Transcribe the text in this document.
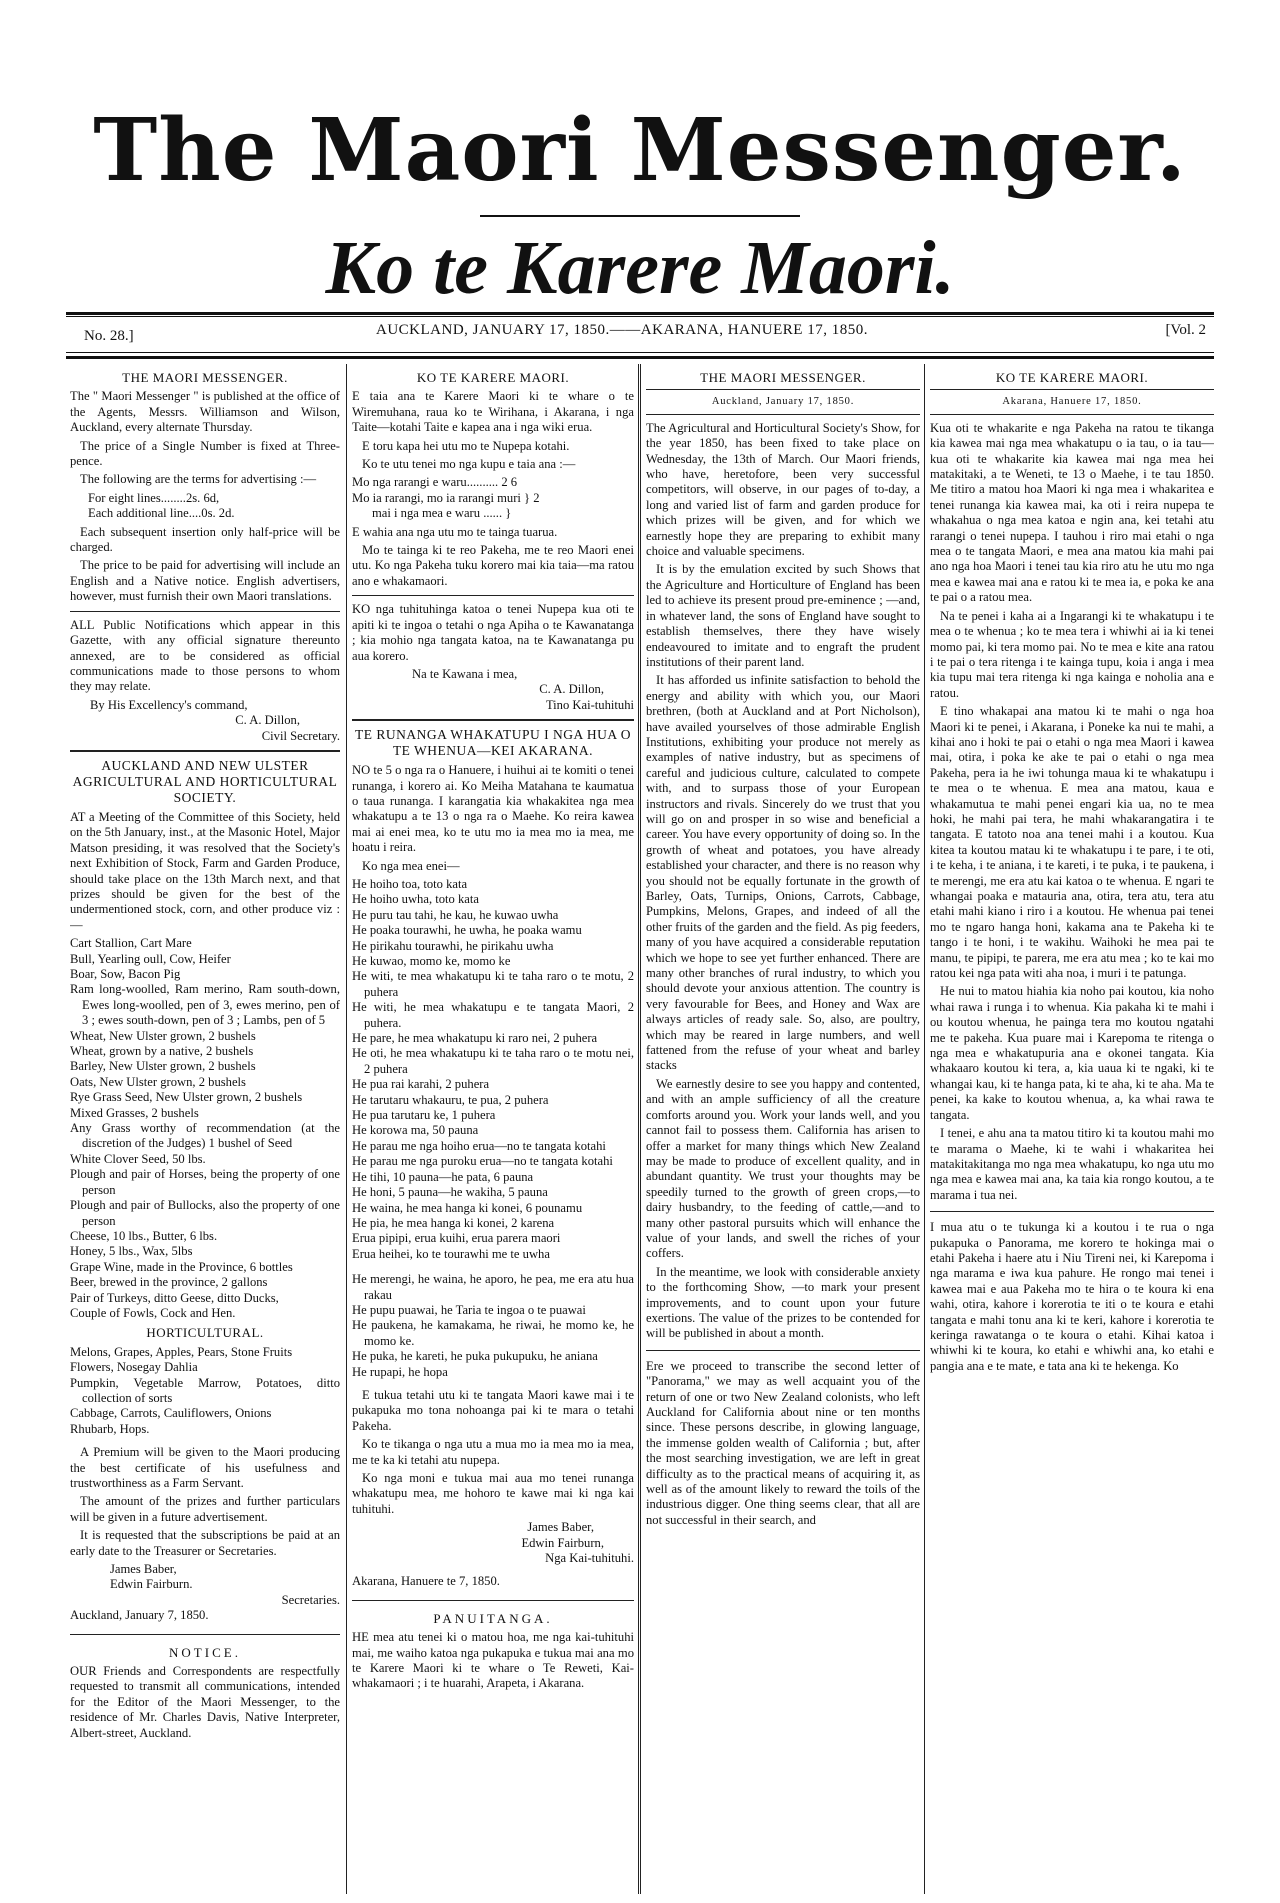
The Maori Messenger.
Ko te Karere Maori.
No. 28.]	AUCKLAND, JANUARY 17, 1850.——AKARANA, HANUERE 17, 1850.	[Vol. 2
THE MAORI MESSENGER.

The " Maori Messenger " is published at the office of the Agents, Messrs. Williamson and Wilson, Auckland, every alternate Thursday.

The price of a Single Number is fixed at Three-pence.

The following are the terms for advertising :—

For eight lines........2s. 6d,

Each additional line....0s. 2d.

Each subsequent insertion only half-price will be charged.

The price to be paid for advertising will include an English and a Native notice. English advertisers, however, must furnish their own Maori translations.

ALL Public Notifications which appear in this Gazette, with any official signature thereunto annexed, are to be considered as official communications made to those persons to whom they may relate.

By His Excellency's command,

C. A. Dillon,

Civil Secretary.

AUCKLAND AND NEW ULSTER AGRICULTURAL AND HORTICULTURAL SOCIETY.

AT a Meeting of the Committee of this Society, held on the 5th January, inst., at the Masonic Hotel, Major Matson presiding, it was resolved that the Society's next Exhibition of Stock, Farm and Garden Produce, should take place on the 13th March next, and that prizes should be given for the best of the undermentioned stock, corn, and other produce viz :—

Cart Stallion, Cart Mare
Bull, Yearling oull, Cow, Heifer
Boar, Sow, Bacon Pig
Ram long-woolled, Ram merino, Ram south-down, Ewes long-woolled, pen of 3, ewes merino, pen of 3 ; ewes south-down, pen of 3 ; Lambs, pen of 5
Wheat, New Ulster grown, 2 bushels
Wheat, grown by a native, 2 bushels
Barley, New Ulster grown, 2 bushels
Oats, New Ulster grown, 2 bushels
Rye Grass Seed, New Ulster grown, 2 bushels
Mixed Grasses, 2 bushels
Any Grass worthy of recommendation (at the discretion of the Judges) 1 bushel of Seed
White Clover Seed, 50 lbs.
Plough and pair of Horses, being the property of one person
Plough and pair of Bullocks, also the property of one person
Cheese, 10 lbs., Butter, 6 lbs.
Honey, 5 lbs., Wax, 5lbs
Grape Wine, made in the Province, 6 bottles
Beer, brewed in the province, 2 gallons
Pair of Turkeys, ditto Geese, ditto Ducks,
Couple of Fowls, Cock and Hen.
HORTICULTURAL.
Melons, Grapes, Apples, Pears, Stone Fruits
Flowers, Nosegay Dahlia
Pumpkin, Vegetable Marrow, Potatoes, ditto collection of sorts
Cabbage, Carrots, Cauliflowers, Onions
Rhubarb, Hops.

A Premium will be given to the Maori producing the best certificate of his usefulness and trustworthiness as a Farm Servant.

The amount of the prizes and further particulars will be given in a future advertisement.

It is requested that the subscriptions be paid at an early date to the Treasurer or Secretaries.

James Baber,

Edwin Fairburn.

Secretaries.

Auckland, January 7, 1850.

NOTICE.

OUR Friends and Correspondents are respectfully requested to transmit all communications, intended for the Editor of the Maori Messenger, to the residence of Mr. Charles Davis, Native Interpreter, Albert-street, Auckland.

KO TE KARERE MAORI.

E taia ana te Karere Maori ki te whare o te Wiremuhana, raua ko te Wirihana, i Akarana, i nga Taite—kotahi Taite e kapea ana i nga wiki erua.

E toru kapa hei utu mo te Nupepa kotahi.

Ko te utu tenei mo nga kupu e taia ana :—

Mo nga rarangi e waru.......... 2 6

Mo ia rarangi, mo ia rarangi muri } 2

mai i nga mea e waru ...... }

E wahia ana nga utu mo te tainga tuarua.

Mo te tainga ki te reo Pakeha, me te reo Maori enei utu. Ko nga Pakeha tuku korero mai kia taia—ma ratou ano e whakamaori.

KO nga tuhituhinga katoa o tenei Nupepa kua oti te apiti ki te ingoa o tetahi o nga Apiha o te Kawanatanga ; kia mohio nga tangata katoa, na te Kawanatanga pu aua korero.

Na te Kawana i mea,

C. A. Dillon,

Tino Kai-tuhituhi

TE RUNANGA WHAKATUPU I NGA HUA O TE WHENUA—KEI AKARANA.

NO te 5 o nga ra o Hanuere, i huihui ai te komiti o tenei runanga, i korero ai. Ko Meiha Matahana te kaumatua o taua runanga. I karangatia kia whakakitea nga mea whakatupu a te 13 o nga ra o Maehe. Ko reira kawea mai ai enei mea, ko te utu mo ia mea mo ia mea, me hoatu i reira.

Ko nga mea enei—

He hoiho toa, toto kata
He hoiho uwha, toto kata
He puru tau tahi, he kau, he kuwao uwha
He poaka tourawhi, he uwha, he poaka wamu
He pirikahu tourawhi, he pirikahu uwha
He kuwao, momo ke, momo ke
He witi, te mea whakatupu ki te taha raro o te motu, 2 puhera
He witi, he mea whakatupu e te tangata Maori, 2 puhera.
He pare, he mea whakatupu ki raro nei, 2 puhera
He oti, he mea whakatupu ki te taha raro o te motu nei, 2 puhera
He pua rai karahi, 2 puhera
He tarutaru whakauru, te pua, 2 puhera
He pua tarutaru ke, 1 puhera
He korowa ma, 50 pauna
He parau me nga hoiho erua—no te tangata kotahi
He parau me nga puroku erua—no te tangata kotahi
He tihi, 10 pauna—he pata, 6 pauna
He honi, 5 pauna—he wakiha, 5 pauna
He waina, he mea hanga ki konei, 6 pounamu
He pia, he mea hanga ki konei, 2 karena
Erua pipipi, erua kuihi, erua parera maori
Erua heihei, ko te tourawhi me te uwha
He merengi, he waina, he aporo, he pea, me era atu hua rakau
He pupu puawai, he Taria te ingoa o te puawai
He paukena, he kamakama, he riwai, he momo ke, he momo ke.
He puka, he kareti, he puka pukupuku, he aniana
He rupapi, he hopa

E tukua tetahi utu ki te tangata Maori kawe mai i te pukapuka mo tona nohoanga pai ki te mara o tetahi Pakeha.

Ko te tikanga o nga utu a mua mo ia mea mo ia mea, me te ka ki tetahi atu nupepa.

Ko nga moni e tukua mai aua mo tenei runanga whakatupu mea, me hohoro te kawe mai ki nga kai tuhituhi.

James Baber,

Edwin Fairburn,

Nga Kai-tuhituhi.

Akarana, Hanuere te 7, 1850.

PANUITANGA.

HE mea atu tenei ki o matou hoa, me nga kai-tuhituhi mai, me waiho katoa nga pukapuka e tukua mai ana mo te Karere Maori ki te whare o Te Reweti, Kai-whakamaori ; i te huarahi, Arapeta, i Akarana.

THE MAORI MESSENGER.
Auckland, January 17, 1850.

The Agricultural and Horticultural Society's Show, for the year 1850, has been fixed to take place on Wednesday, the 13th of March. Our Maori friends, who have, heretofore, been very successful competitors, will observe, in our pages of to-day, a long and varied list of farm and garden produce for which prizes will be given, and for which we earnestly hope they are preparing to exhibit many choice and valuable specimens.

It is by the emulation excited by such Shows that the Agriculture and Horticulture of England has been led to achieve its present proud pre-eminence ; —and, in whatever land, the sons of England have sought to establish themselves, there they have wisely endeavoured to imitate and to engraft the prudent institutions of their parent land.

It has afforded us infinite satisfaction to behold the energy and ability with which you, our Maori brethren, (both at Auckland and at Port Nicholson), have availed yourselves of those admirable English Institutions, exhibiting your produce not merely as examples of native industry, but as specimens of careful and judicious culture, calculated to compete with, and to surpass those of your European instructors and rivals. Sincerely do we trust that you will go on and prosper in so wise and beneficial a career. You have every opportunity of doing so. In the growth of wheat and potatoes, you have already established your character, and there is no reason why you should not be equally fortunate in the growth of Barley, Oats, Turnips, Onions, Carrots, Cabbage, Pumpkins, Melons, Grapes, and indeed of all the other fruits of the garden and the field. As pig feeders, many of you have acquired a considerable reputation which we hope to see yet further enhanced. There are many other branches of rural industry, to which you should devote your anxious attention. The country is very favourable for Bees, and Honey and Wax are always articles of ready sale. So, also, are poultry, which may be reared in large numbers, and well fattened from the refuse of your wheat and barley stacks

We earnestly desire to see you happy and contented, and with an ample sufficiency of all the creature comforts around you. Work your lands well, and you cannot fail to possess them. California has arisen to offer a market for many things which New Zealand may be made to produce of excellent quality, and in abundant quantity. We trust your thoughts may be speedily turned to the growth of green crops,—to dairy husbandry, to the feeding of cattle,—and to many other pastoral pursuits which will enhance the value of your lands, and swell the riches of your coffers.

In the meantime, we look with considerable anxiety to the forthcoming Show, —to mark your present improvements, and to count upon your future exertions. The value of the prizes to be contended for will be published in about a month.

Ere we proceed to transcribe the second letter of "Panorama," we may as well acquaint you of the return of one or two New Zealand colonists, who left Auckland for California about nine or ten months since. These persons describe, in glowing language, the immense golden wealth of California ; but, after the most searching investigation, we are left in great difficulty as to the practical means of acquiring it, as well as of the amount likely to reward the toils of the industrious digger. One thing seems clear, that all are not successful in their search, and

KO TE KARERE MAORI.
Akarana, Hanuere 17, 1850.

Kua oti te whakarite e nga Pakeha na ratou te tikanga kia kawea mai nga mea whakatupu o ia tau, o ia tau—kua oti te whakarite kia kawea mai nga mea hei matakitaki, a te Weneti, te 13 o Maehe, i te tau 1850. Me titiro a matou hoa Maori ki nga mea i whakaritea e tenei runanga kia kawea mai, ka oti i reira nupepa te whakahua o nga mea katoa e ngin ana, kei tetahi atu rarangi o tenei nupepa. I tauhou i riro mai etahi o nga mea o te tangata Maori, e mea ana matou kia mahi pai ano nga hoa Maori i tenei tau kia riro atu he utu mo nga mea e kawea mai ana e ratou ki te mea ia, e poka ke ana te pai o a ratou mea.

Na te penei i kaha ai a Ingarangi ki te whakatupu i te mea o te whenua ; ko te mea tera i whiwhi ai ia ki tenei momo pai, ki tera momo pai. No te mea e kite ana ratou i te pai o tera ritenga i te kainga tupu, koia i anga i mea kia tupu mai tera ritenga ki nga kainga e noholia ana e ratou.

E tino whakapai ana matou ki te mahi o nga hoa Maori ki te penei, i Akarana, i Poneke ka nui te mahi, a kihai ano i hoki te pai o etahi o nga mea Maori i kawea mai, otira, i poka ke ake te pai o etahi o nga mea Pakeha, pera ia he iwi tohunga maua ki te whakatupu i te mea o te whenua. E mea ana matou, kaua e whakamutua te mahi penei engari kia ua, no te mea hoki, he mahi pai tera, he mahi whakarangatira i te tangata. E tatoto noa ana tenei mahi i a koutou. Kua kitea ta koutou matau ki te whakatupu i te pare, i te oti, i te keha, i te aniana, i te kareti, i te puka, i te paukena, i te merengi, me era atu kai katoa o te whenua. E ngari te whangai poaka e matauria ana, otira, tera atu, tera atu etahi mahi kiano i riro i a koutou. He whenua pai tenei mo te ngaro hanga honi, kakama ana te Pakeha ki te tango i te honi, i te wakihu. Waihoki he mea pai te manu, te pipipi, te parera, me era atu mea ; ko te kai mo ratou kei nga pata witi aha noa, i muri i te patunga.

He nui to matou hiahia kia noho pai koutou, kia noho whai rawa i runga i to whenua. Kia pakaha ki te mahi i ou koutou whenua, he painga tera mo koutou ngatahi me te pakeha. Kua puare mai i Karepoma te ritenga o nga mea e whakatupuria ana e okonei tangata. Kia whakaaro koutou ki tera, a, kia uaua ki te ngaki, ki te whangai kau, ki te hanga pata, ki te aha, ki te aha. Ma te penei, ka kake to koutou whenua, a, ka whai rawa te tangata.

I tenei, e ahu ana ta matou titiro ki ta koutou mahi mo te marama o Maehe, ki te wahi i whakaritea hei matakitakitanga mo nga mea whakatupu, ko nga utu mo nga mea e kawea mai ana, ka taia kia rongo koutou, a te marama i tua nei.

I mua atu o te tukunga ki a koutou i te rua o nga pukapuka o Panorama, me korero te hokinga mai o etahi Pakeha i haere atu i Niu Tireni nei, ki Karepoma i nga marama e iwa kua pahure. He rongo mai tenei i kawea mai e aua Pakeha mo te hira o te koura ki ena wahi, otira, kahore i korerotia te iti o te koura e etahi tangata e mahi tonu ana ki te keri, kahore i korerotia te keringa rawatanga o te koura o etahi. Kihai katoa i whiwhi ki te koura, ko etahi e whiwhi ana, ko etahi e pangia ana e te mate, e tata ana ki te hekenga. Ko
